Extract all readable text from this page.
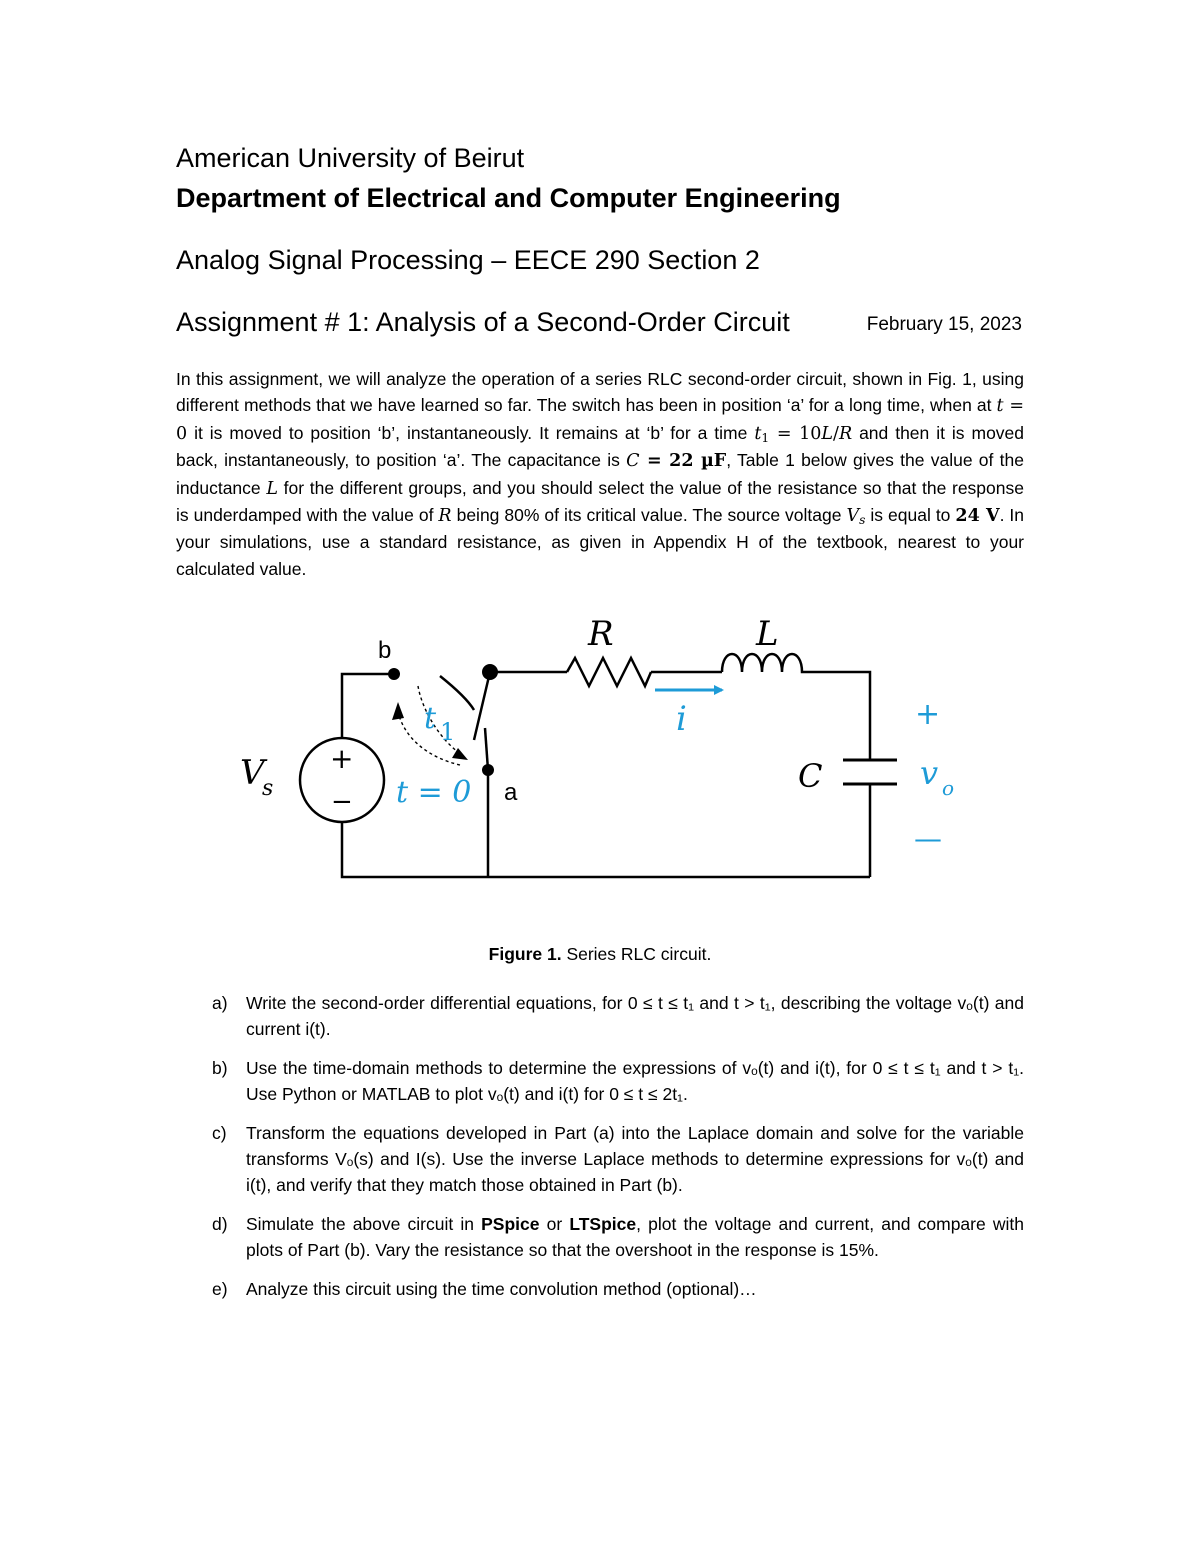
American University of Beirut
Department of Electrical and Computer Engineering
Analog Signal Processing – EECE 290 Section 2
Assignment # 1: Analysis of a Second-Order Circuit	February 15, 2023
In this assignment, we will analyze the operation of a series RLC second-order circuit, shown in Fig. 1, using different methods that we have learned so far. The switch has been in position ‘a’ for a long time, when at t = 0 it is moved to position ‘b’, instantaneously. It remains at ‘b’ for a time $t_1 = 10L/R$ and then it is moved back, instantaneously, to position ‘a’. The capacitance is C = 22 µF, Table 1 below gives the value of the inductance L for the different groups, and you should select the value of the resistance so that the response is underdamped with the value of R being 80% of its critical value. The source voltage $V_s$ is equal to 24 V. In your simulations, use a standard resistance, as given in Appendix H of the textbook, nearest to your calculated value.
R	L
C
i
V
s
t 1
v o
t = 0
b
a
+
−
+
—
Figure 1. Series RLC circuit.
a)	Write the second-order differential equations, for 0 ≤ t ≤ t₁ and t > t₁, describing the voltage vₒ(t) and current i(t).
b)	Use the time-domain methods to determine the expressions of vₒ(t) and i(t), for 0 ≤ t ≤ t₁ and t > t₁. Use Python or MATLAB to plot vₒ(t) and i(t) for 0 ≤ t ≤ 2t₁.
c)	Transform the equations developed in Part (a) into the Laplace domain and solve for the variable transforms Vₒ(s) and I(s). Use the inverse Laplace methods to determine expressions for vₒ(t) and i(t), and verify that they match those obtained in Part (b).
d)	Simulate the above circuit in PSpice or LTSpice, plot the voltage and current, and compare with plots of Part (b). Vary the resistance so that the overshoot in the response is 15%.
e)	Analyze this circuit using the time convolution method (optional)…
